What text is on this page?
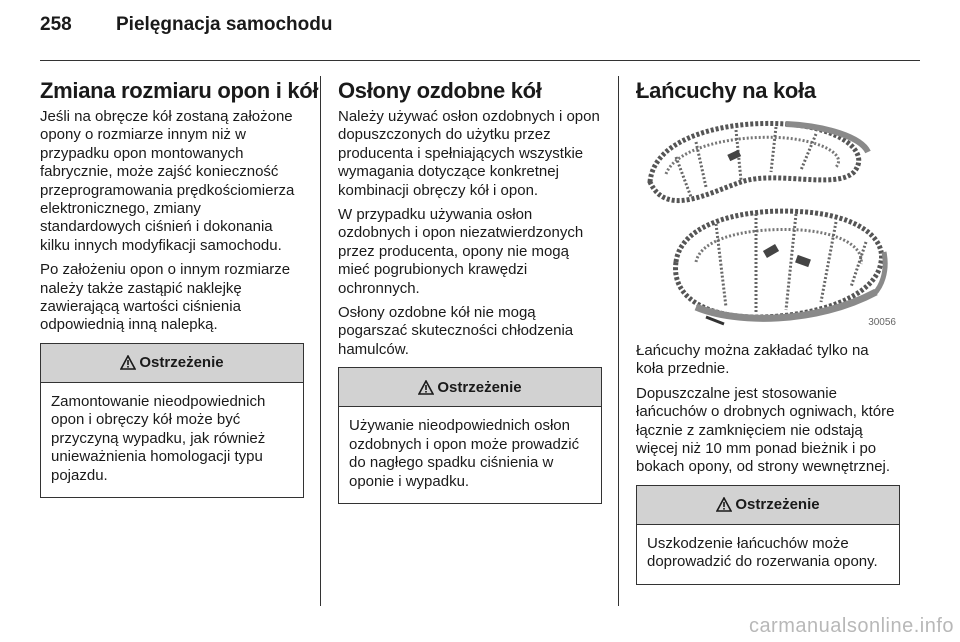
258 Pielęgnacja samochodu
Zmiana rozmiaru opon i kół

Jeśli na obręcze kół zostaną założone opony o rozmiarze innym niż w przypadku opon montowanych fabrycznie, może zajść konieczność przeprogramowania prędkościomierza elektronicznego, zmiany standardowych ciśnień i dokonania kilku innych modyfikacji samochodu.

Po założeniu opon o innym rozmiarze należy także zastąpić naklejkę zawierającą wartości ciśnienia odpowiednią inną nalepką.

Ostrzeżenie
Zamontowanie nieodpowiednich opon i obręczy kół może być przyczyną wypadku, jak również unieważnienia homologacji typu pojazdu.
Osłony ozdobne kół

Należy używać osłon ozdobnych i opon dopuszczonych do użytku przez producenta i spełniających wszystkie wymagania dotyczące konkretnej kombinacji obręczy kół i opon.

W przypadku używania osłon ozdobnych i opon niezatwierdzonych przez producenta, opony nie mogą mieć pogrubionych krawędzi ochronnych.

Osłony ozdobne kół nie mogą pogarszać skuteczności chłodzenia hamulców.

Ostrzeżenie
Używanie nieodpowiednich osłon ozdobnych i opon może prowadzić do nagłego spadku ciśnienia w oponie i wypadku.
Łańcuchy na koła
30056

Łańcuchy można zakładać tylko na koła przednie.

Dopuszczalne jest stosowanie łańcuchów o drobnych ogniwach, które łącznie z zamknięciem nie odstają więcej niż 10 mm ponad bieżnik i po bokach opony, od strony wewnętrznej.

Ostrzeżenie
Uszkodzenie łańcuchów może doprowadzić do rozerwania opony.
carmanualsonline.info
